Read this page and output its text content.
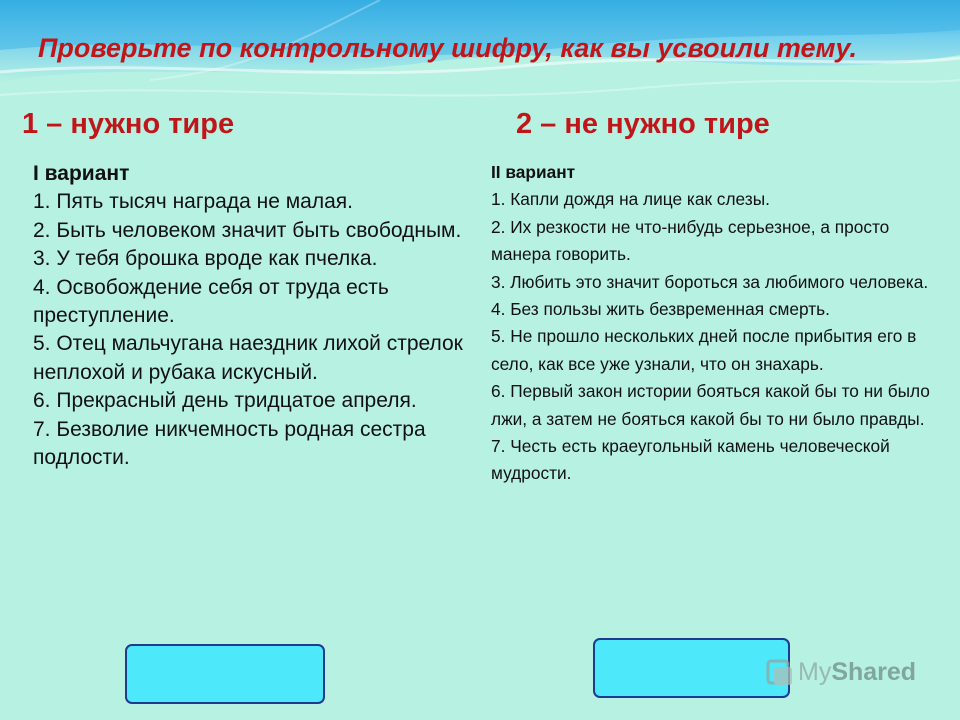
Проверьте по контрольному шифру, как вы усвоили тему.

1 – нужно тире	2 – не нужно тире

I вариант
1. Пять тысяч награда не малая.
2. Быть человеком значит быть свободным.
3. У тебя брошка вроде как пчелка.
4. Освобождение себя от труда есть преступление.
5. Отец мальчугана наездник лихой стрелок неплохой и рубака искусный.
6. Прекрасный день тридцатое апреля.
7. Безволие никчемность родная сестра подлости.
II вариант
1. Капли дождя на лице как слезы.
2. Их резкости не что-нибудь серьезное, а просто манера говорить.
3. Любить это значит бороться за любимого человека.
4. Без пользы жить безвременная смерть.
5. Не прошло нескольких дней после прибытия его в село, как все уже узнали, что он знахарь.
6. Первый закон истории бояться какой бы то ни было лжи, а затем не бояться какой бы то ни было правды.
7. Честь есть краеугольный камень человеческой мудрости.
MyShared
